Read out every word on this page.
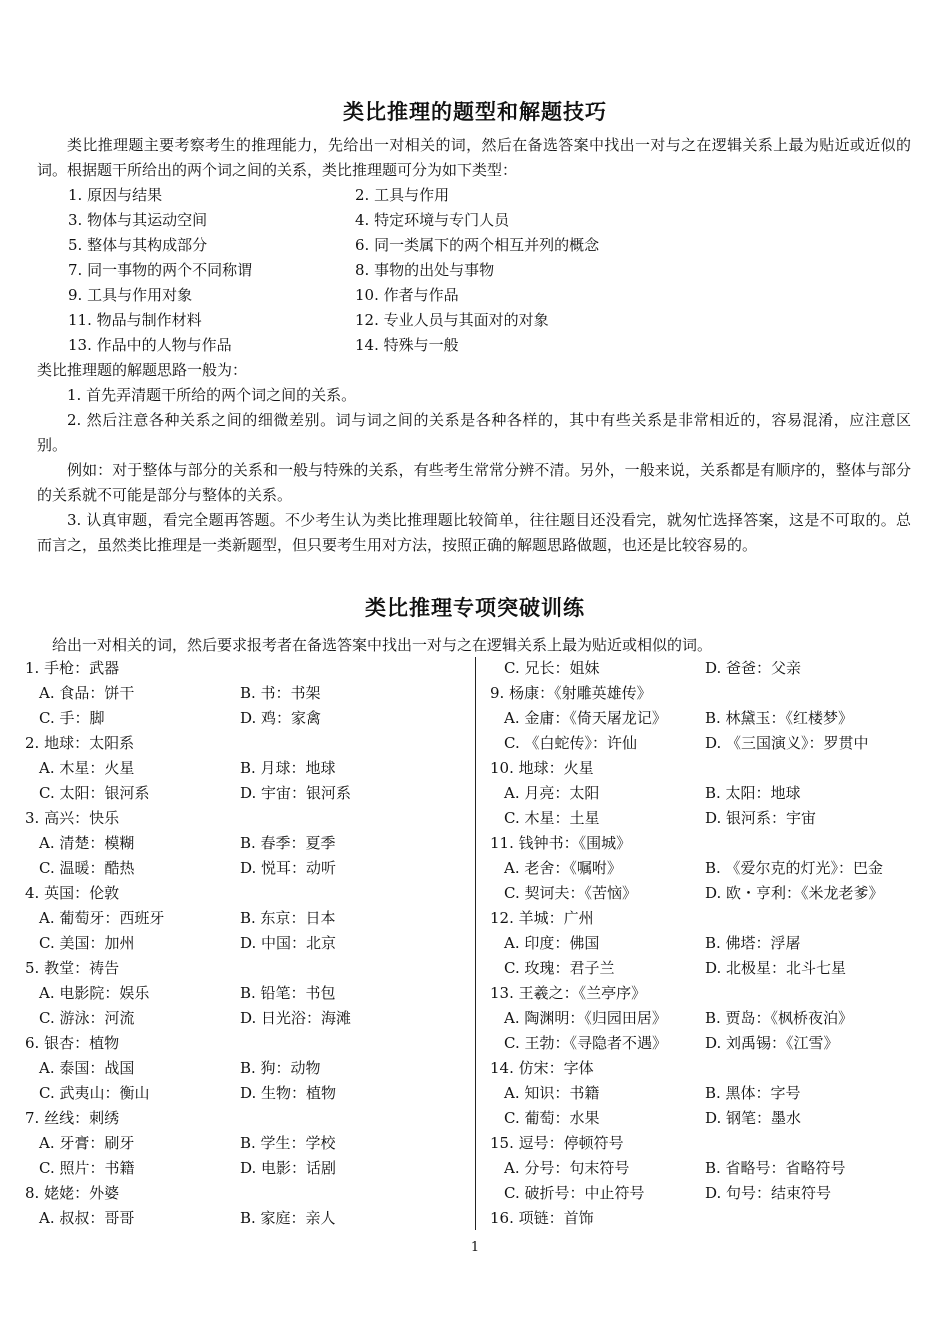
类比推理的题型和解题技巧
类比推理题主要考察考生的推理能力，先给出一对相关的词，然后在备选答案中找出一对与之在逻辑关系上最为贴近或近似的词。根据题干所给出的两个词之间的关系，类比推理题可分为如下类型：
1. 原因与结果	2. 工具与作用
3. 物体与其运动空间	4. 特定环境与专门人员
5. 整体与其构成部分	6. 同一类属下的两个相互并列的概念
7. 同一事物的两个不同称谓	8. 事物的出处与事物
9. 工具与作用对象	10. 作者与作品
11. 物品与制作材料	12. 专业人员与其面对的对象
13. 作品中的人物与作品	14. 特殊与一般
类比推理题的解题思路一般为：

1. 首先弄清题干所给的两个词之间的关系。

2. 然后注意各种关系之间的细微差别。词与词之间的关系是各种各样的，其中有些关系是非常相近的，容易混淆，应注意区别。

例如：对于整体与部分的关系和一般与特殊的关系，有些考生常常分辨不清。另外，一般来说，关系都是有顺序的，整体与部分的关系就不可能是部分与整体的关系。

3. 认真审题，看完全题再答题。不少考生认为类比推理题比较简单，往往题目还没看完，就匆忙选择答案，这是不可取的。总而言之，虽然类比推理是一类新题型，但只要考生用对方法，按照正确的解题思路做题，也还是比较容易的。

类比推理专项突破训练
给出一对相关的词，然后要求报考者在备选答案中找出一对与之在逻辑关系上最为贴近或相似的词。
1. 手枪：武器
A. 食品：饼干	B. 书：书架
C. 手：脚	D. 鸡：家禽
2. 地球：太阳系
A. 木星：火星	B. 月球：地球
C. 太阳：银河系	D. 宇宙：银河系
3. 高兴：快乐
A. 清楚：模糊	B. 春季：夏季
C. 温暖：酷热	D. 悦耳：动听
4. 英国：伦敦
A. 葡萄牙：西班牙	B. 东京：日本
C. 美国：加州	D. 中国：北京
5. 教堂：祷告
A. 电影院：娱乐	B. 铅笔：书包
C. 游泳：河流	D. 日光浴：海滩
6. 银杏：植物
A. 泰国：战国	B. 狗：动物
C. 武夷山：衡山	D. 生物：植物
7. 丝线：刺绣
A. 牙膏：刷牙	B. 学生：学校
C. 照片：书籍	D. 电影：话剧
8. 姥姥：外婆
A. 叔叔：哥哥	B. 家庭：亲人
C. 兄长：姐妹	D. 爸爸：父亲
9. 杨康：《射雕英雄传》
A. 金庸：《倚天屠龙记》	B. 林黛玉：《红楼梦》
C. 《白蛇传》：许仙	D. 《三国演义》：罗贯中
10. 地球：火星
A. 月亮：太阳	B. 太阳：地球
C. 木星：土星	D. 银河系：宇宙
11. 钱钟书：《围城》
A. 老舍：《嘱咐》	B. 《爱尔克的灯光》：巴金
C. 契诃夫：《苦恼》	D. 欧・亨利：《米龙老爹》
12. 羊城：广州
A. 印度：佛国	B. 佛塔：浮屠
C. 玫瑰：君子兰	D. 北极星：北斗七星
13. 王羲之：《兰亭序》
A. 陶渊明：《归园田居》	B. 贾岛：《枫桥夜泊》
C. 王勃：《寻隐者不遇》	D. 刘禹锡：《江雪》
14. 仿宋：字体
A. 知识：书籍	B. 黑体：字号
C. 葡萄：水果	D. 钢笔：墨水
15. 逗号：停顿符号
A. 分号：句末符号	B. 省略号：省略符号
C. 破折号：中止符号	D. 句号：结束符号
16. 项链：首饰
1
